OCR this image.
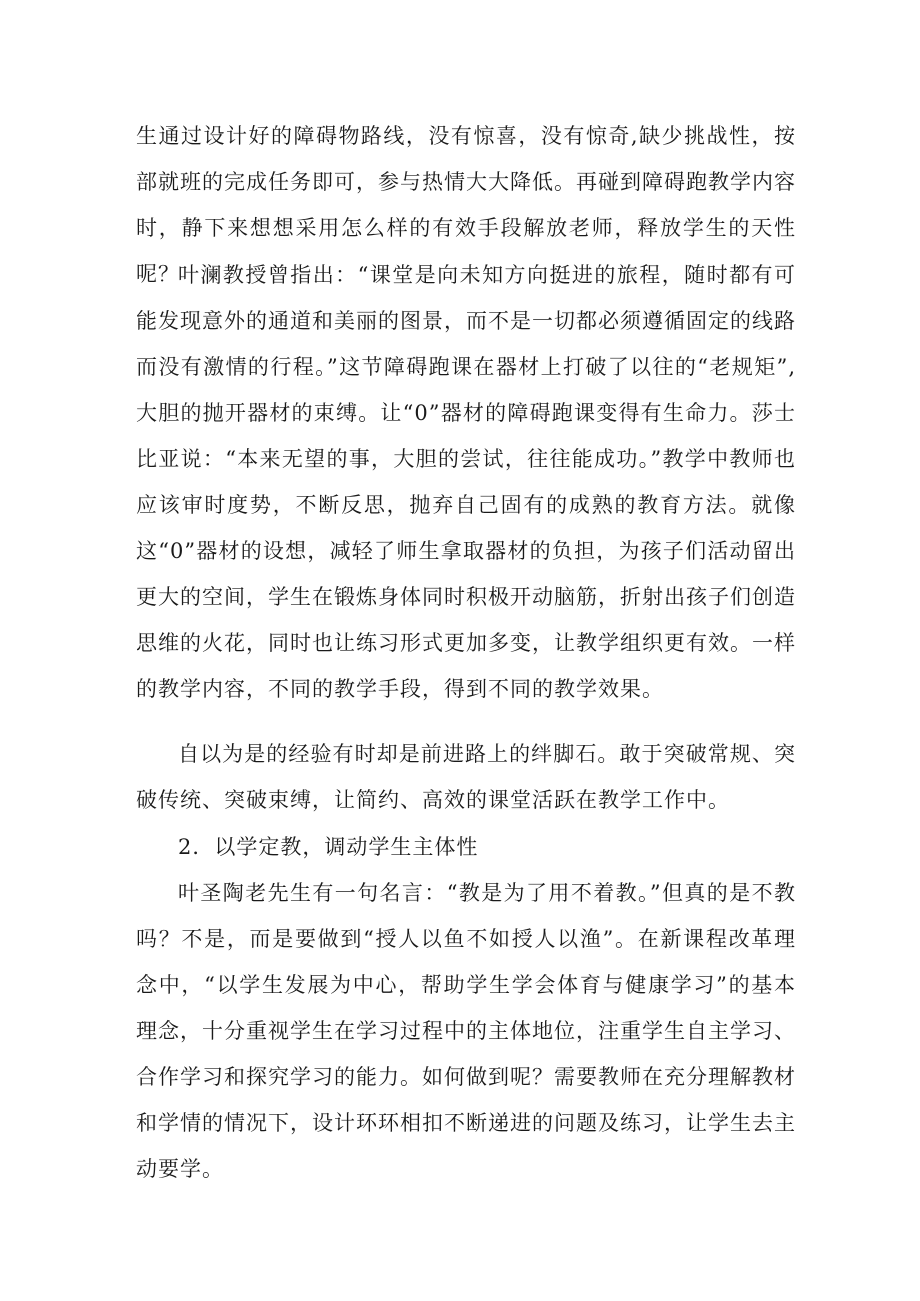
生通过设计好的障碍物路线，没有惊喜，没有惊奇,缺少挑战性，按部就班的完成任务即可，参与热情大大降低。再碰到障碍跑教学内容时，静下来想想采用怎么样的有效手段解放老师，释放学生的天性呢？

叶澜教授曾指出：“课堂是向未知方向挺进的旅程，随时都有可能发现意外的通道和美丽的图景，而不是一切都必须遵循固定的线路而没有激情的行程。”这节障碍跑课在器材上打破了以往的“老规矩”,大胆的抛开器材的束缚。让“0”器材的障碍跑课变得有生命力。莎士比亚说：“本来无望的事，大胆的尝试，往往能成功。”教学中教师也应该审时度势，不断反思，抛弃自己固有的成熟的教育方法。就像这“0”器材的设想，减轻了师生拿取器材的负担，为孩子们活动留出更大的空间，学生在锻炼身体同时积极开动脑筋，折射出孩子们创造思维的火花，同时也让练习形式更加多变，让教学组织更有效。一样的教学内容，不同的教学手段，得到不同的教学效果。

自以为是的经验有时却是前进路上的绊脚石。敢于突破常规、突破传统、突破束缚，让简约、高效的课堂活跃在教学工作中。

2．以学定教，调动学生主体性

叶圣陶老先生有一句名言：“教是为了用不着教。”但真的是不教吗？不是，而是要做到“授人以鱼不如授人以渔”。在新课程改革理念中，“以学生发展为中心，帮助学生学会体育与健康学习”的基本理念，十分重视学生在学习过程中的主体地位，注重学生自主学习、合作学习和探究学习的能力。如何做到呢？需要教师在充分理解教材和学情的情况下，设计环环相扣不断递进的问题及练习，让学生去主动要学。
